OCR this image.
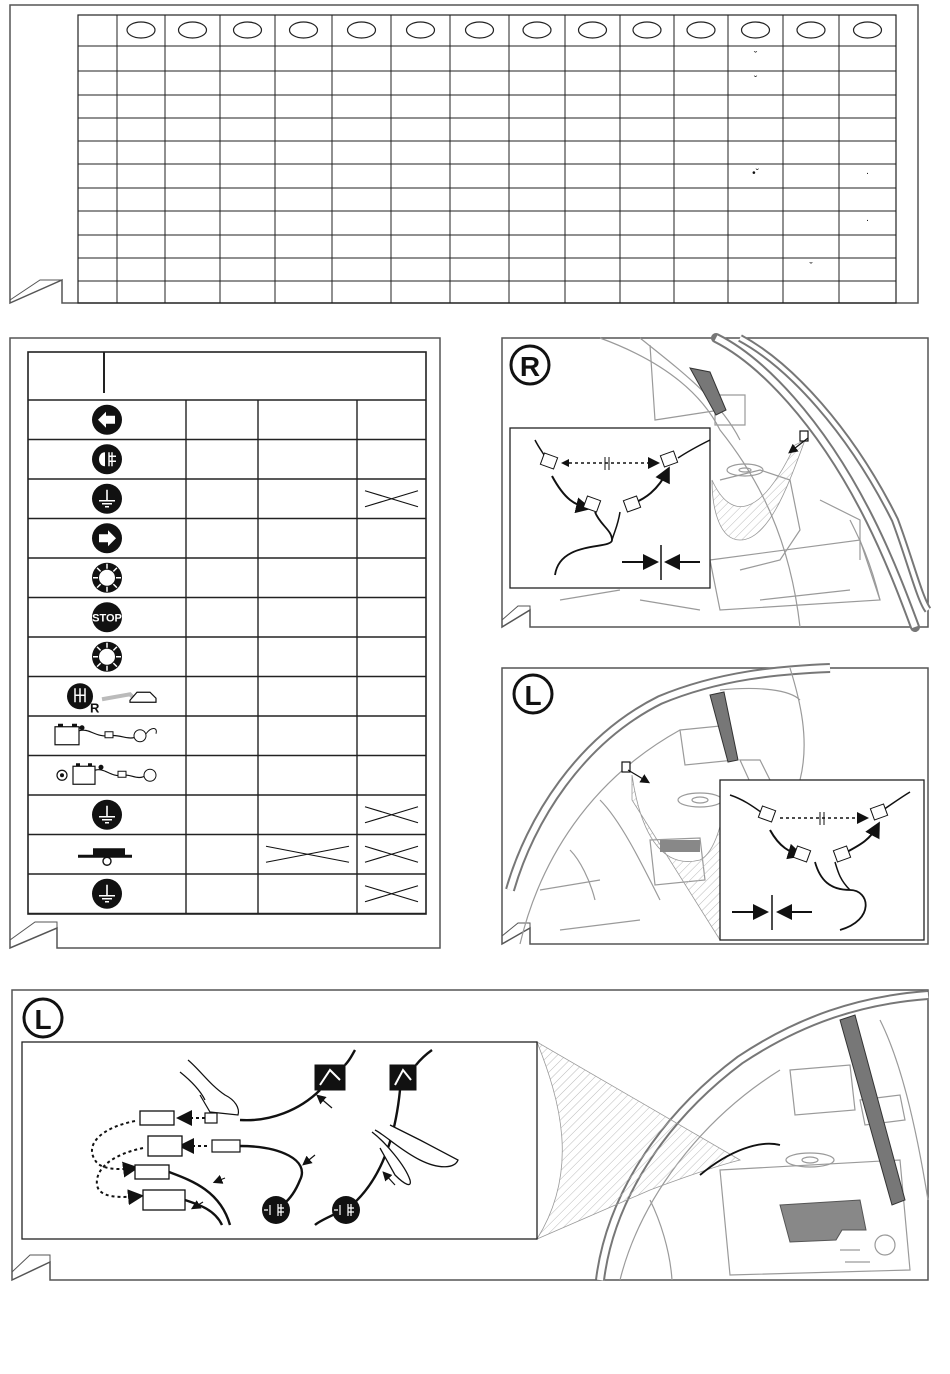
ˇ
ˇ
•ˇ	·
·
ˇ
STOP
R
R
L
L
